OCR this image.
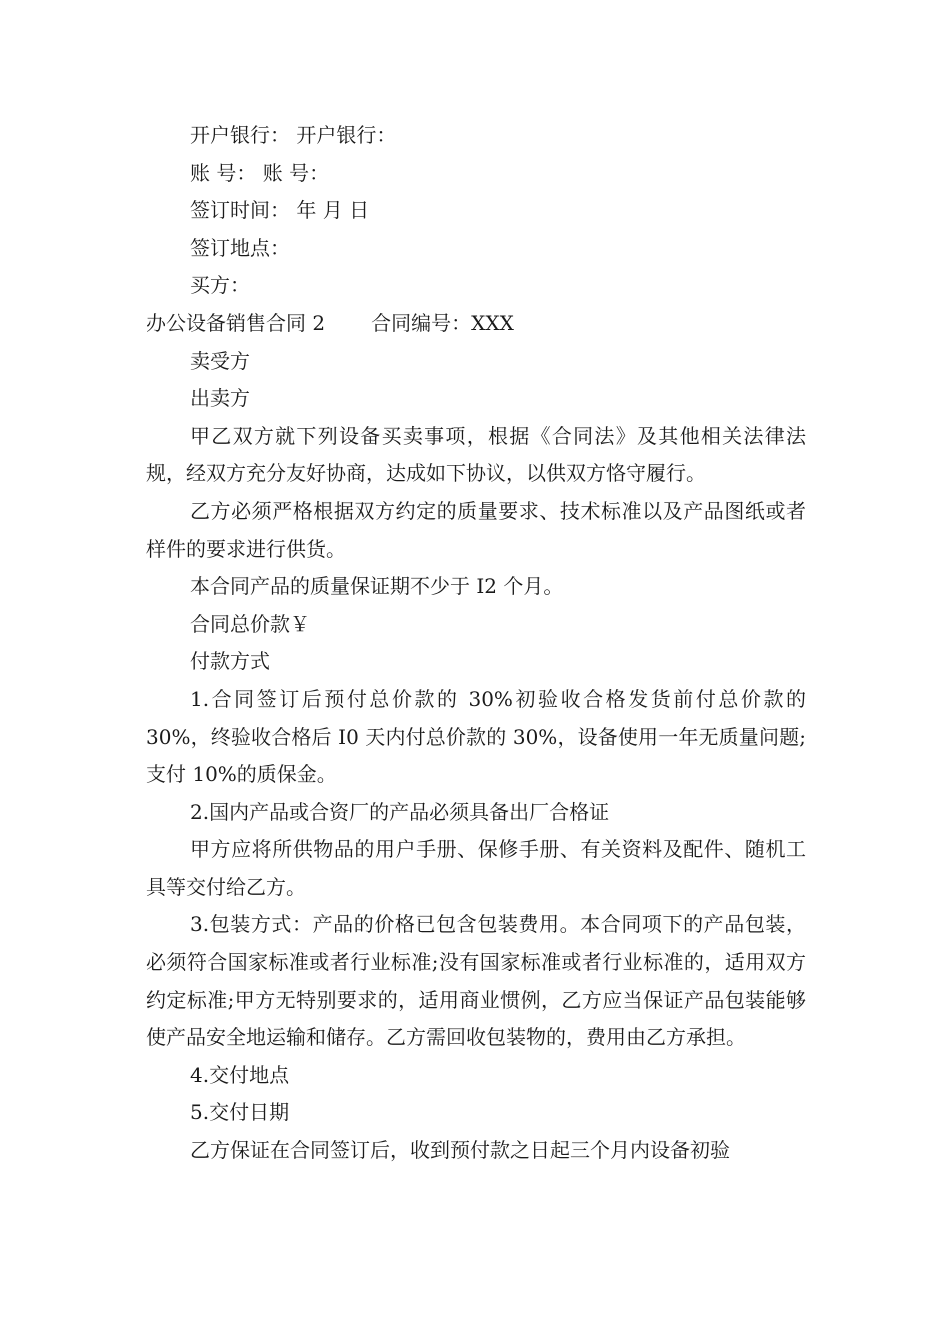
开户银行： 开户银行：

账 号： 账 号：

签订时间： 年 月 日

签订地点：

买方：

办公设备销售合同 2 合同编号：XXX

卖受方

出卖方

甲乙双方就下列设备买卖事项，根据《合同法》及其他相关法律法规，经双方充分友好协商，达成如下协议，以供双方恪守履行。

乙方必须严格根据双方约定的质量要求、技术标准以及产品图纸或者样件的要求进行供货。

本合同产品的质量保证期不少于 I2 个月。

合同总价款￥

付款方式

1.合同签订后预付总价款的 30%初验收合格发货前付总价款的 30%，终验收合格后 I0 天内付总价款的 30%，设备使用一年无质量问题;支付 10%的质保金。

2.国内产品或合资厂的产品必须具备出厂合格证

甲方应将所供物品的用户手册、保修手册、有关资料及配件、随机工具等交付给乙方。

3.包装方式：产品的价格已包含包装费用。本合同项下的产品包装，必须符合国家标准或者行业标准;没有国家标准或者行业标准的，适用双方约定标准;甲方无特别要求的，适用商业惯例，乙方应当保证产品包装能够使产品安全地运输和储存。乙方需回收包装物的，费用由乙方承担。

4.交付地点

5.交付日期

乙方保证在合同签订后，收到预付款之日起三个月内设备初验
